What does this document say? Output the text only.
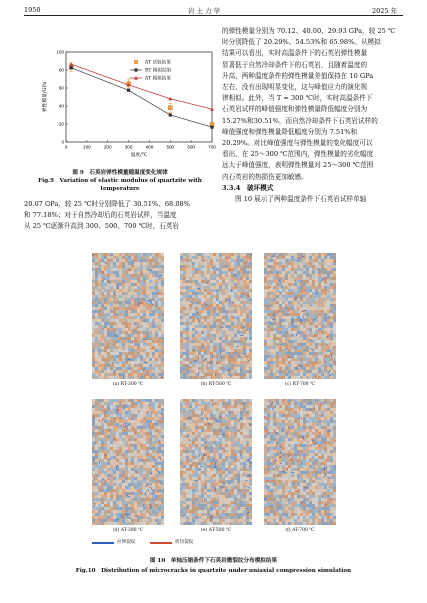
1950	岩 土 力 学	2025 年
0	100	200	300	400	500	600	700
0
20
40
60
80
100
温度/℃
弹性模量/GPa
AT 试验结果
RT 模拟结果
AT 模拟结果
图 9　石英岩弹性模量随温度变化规律
Fig.9　Variation of elastic modulus of quartzite with
temperature
20.07 GPa，较 25 ℃时分别降低了 30.51%、68.08%
和 77.18%；对于自然冷却后的石英岩试样，当温度
从 25 ℃逐渐升高到 300、500、700 ℃时，石英岩
的弹性模量分别为 70.12、40.00、29.93 GPa，较 25 ℃
时分别降低了 20.29%、54.53%和 65.98%。从模拟
结果可以看出，实时高温条件下的石英岩弹性模量
显著低于自然冷却条件下的石英岩，且随着温度的
升高，两种温度条件的弹性模量差值保持在 10 GPa
左右，没有出现明显变化，这与峰值应力的演化规
律相似。此外，当 T = 300 ℃时，实时高温条件下
石英岩试样的峰值强度和弹性模量降低幅度分别为
15.27%和30.51%，而自然冷却条件下石英岩试样的
峰值强度和弹性模量降低幅度分别为 7.51%和
20.29%。对比峰值强度与弹性模量的变化幅度可以
看出，在 25～300 ℃范围内，弹性模量的劣化幅度
远大于峰值强度，表明弹性模量对 25～300 ℃范围
内石英岩的热损伤更加敏感。
3.3.4　破坏模式
图 10 展示了两种温度条件下石英岩试样单轴
(a) RT-300 ℃	(b) RT-500 ℃	(c) RT-700 ℃
(d) AT-300 ℃	(e) AT-500 ℃	(f) AT-700 ℃
拉伸裂纹	剪切裂纹
图 10　单轴压缩条件下石英岩微裂纹分布模拟结果
Fig.10　Distribution of microcracks in quartzite under uniaxial compression simulation
